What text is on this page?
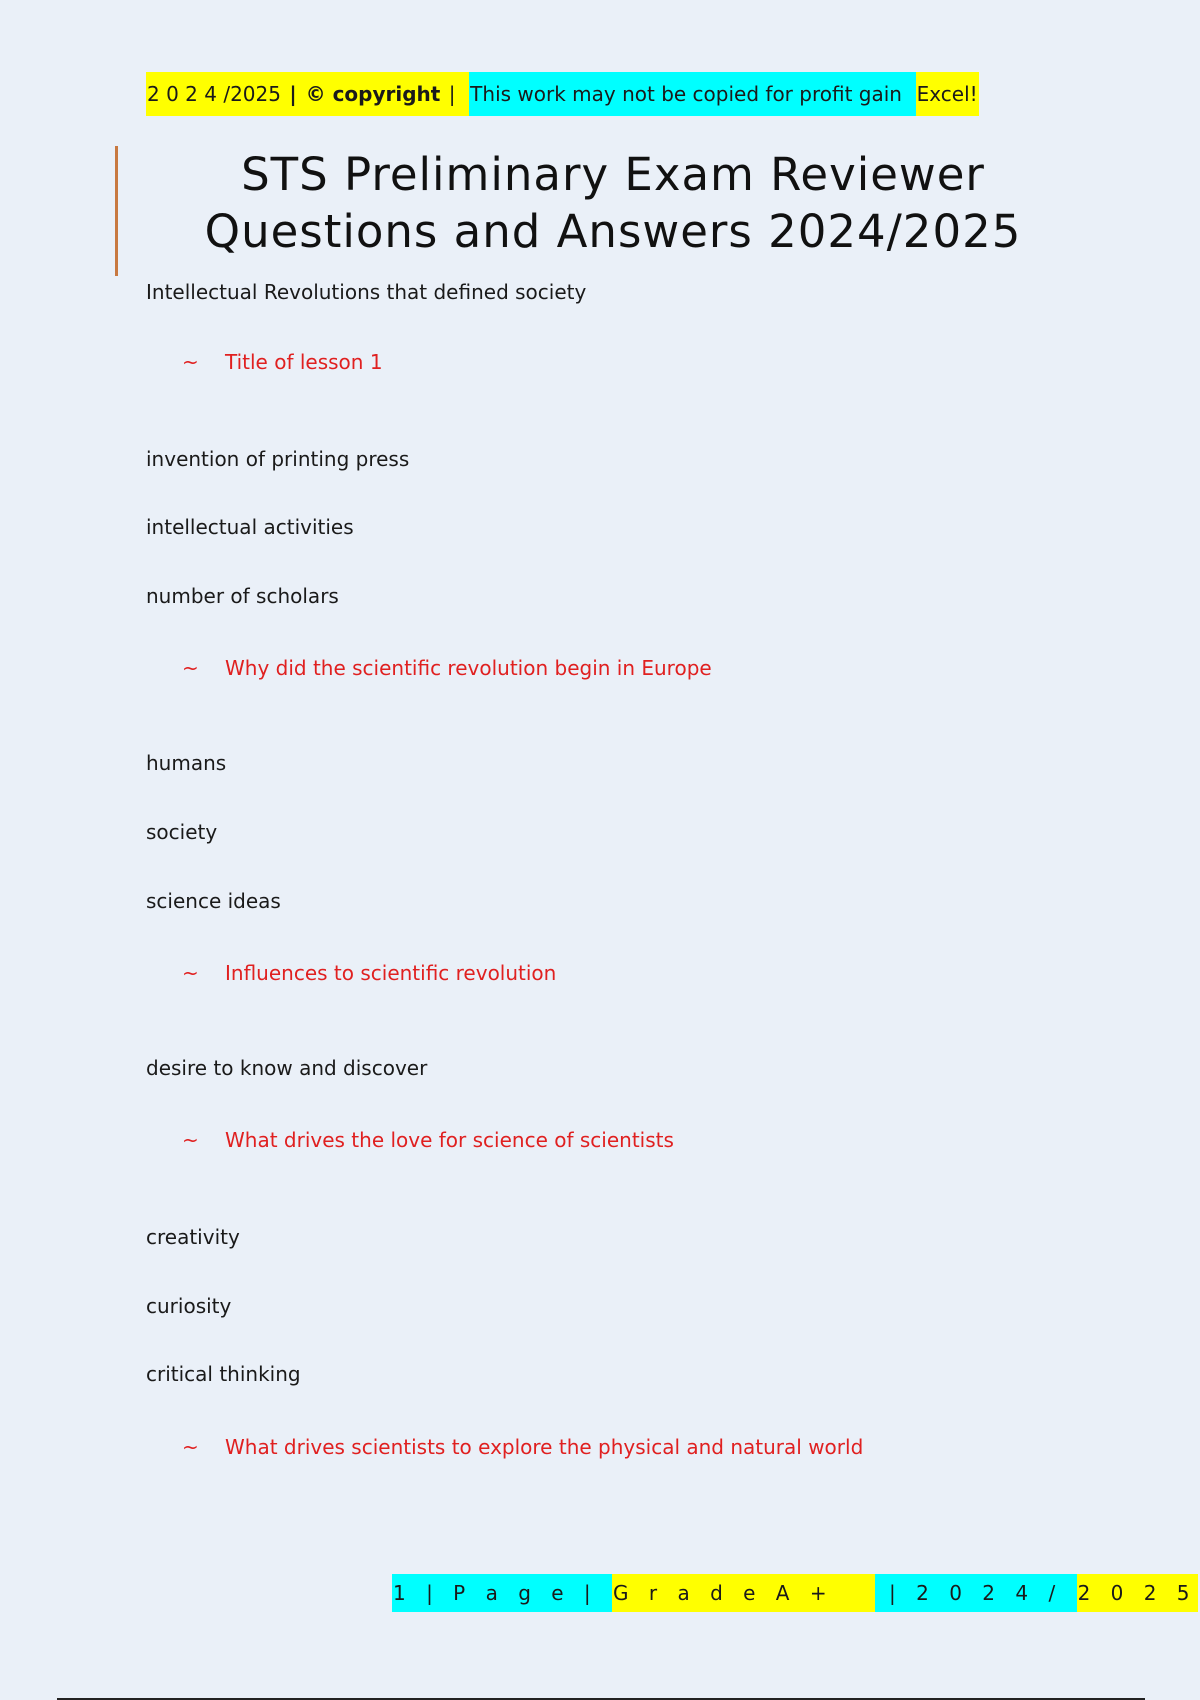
2 0 2 4 /2025 | © copyright | This work may not be copied for profit gain Excel!
STS Preliminary Exam Reviewer
Questions and Answers 2024/2025
Intellectual Revolutions that defined society
~ Title of lesson 1
invention of printing press
intellectual activities
number of scholars
~ Why did the scientific revolution begin in Europe
humans
society
science ideas
~ Influences to scientific revolution
desire to know and discover
~ What drives the love for science of scientists
creativity
curiosity
critical thinking
~ What drives scientists to explore the physical and natural world
1 | P a g e | G r a d e A + | 2 0 2 4 / 2 0 2 5
